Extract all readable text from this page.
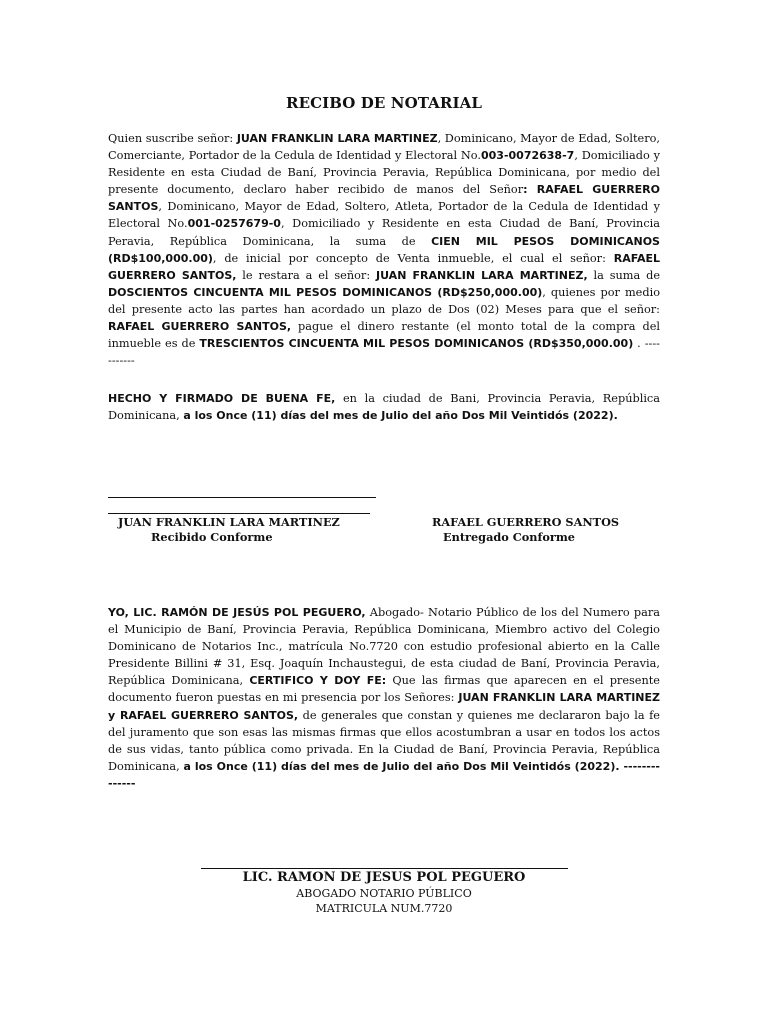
RECIBO DE NOTARIAL

Quien suscribe señor: JUAN FRANKLIN LARA MARTINEZ, Dominicano, Mayor de Edad, Soltero, Comerciante, Portador de la Cedula de Identidad y Electoral No.003-0072638-7, Domiciliado y Residente en esta Ciudad de Baní, Provincia Peravia, República Dominicana, por medio del presente documento, declaro haber recibido de manos del Señor: RAFAEL GUERRERO SANTOS, Dominicano, Mayor de Edad, Soltero, Atleta, Portador de la Cedula de Identidad y Electoral No.001-0257679-0, Domiciliado y Residente en esta Ciudad de Baní, Provincia Peravia, República Dominicana, la suma de CIEN MIL PESOS DOMINICANOS (RD$100,000.00), de inicial por concepto de Venta inmueble, el cual el señor: RAFAEL GUERRERO SANTOS, le restara a el señor: JUAN FRANKLIN LARA MARTINEZ, la suma de DOSCIENTOS CINCUENTA MIL PESOS DOMINICANOS (RD$250,000.00), quienes por medio del presente acto las partes han acordado un plazo de Dos (02) Meses para que el señor: RAFAEL GUERRERO SANTOS, pague el dinero restante (el monto total de la compra del inmueble es de TRESCIENTOS CINCUENTA MIL PESOS DOMINICANOS (RD$350,000.00) . -----------

HECHO Y FIRMADO DE BUENA FE, en la ciudad de Bani, Provincia Peravia, República Dominicana, a los Once (11) días del mes de Julio del año Dos Mil Veintidós (2022).

JUAN FRANKLIN LARA MARTINEZ
Recibido Conforme
RAFAEL GUERRERO SANTOS
Entregado Conforme

YO, LIC. RAMÓN DE JESÚS POL PEGUERO, Abogado- Notario Público de los del Numero para el Municipio de Baní, Provincia Peravia, República Dominicana, Miembro activo del Colegio Dominicano de Notarios Inc., matrícula No.7720 con estudio profesional abierto en la Calle Presidente Billini # 31, Esq. Joaquín Inchaustegui, de esta ciudad de Baní, Provincia Peravia, República Dominicana, CERTIFICO Y DOY FE: Que las firmas que aparecen en el presente documento fueron puestas en mi presencia por los Señores: JUAN FRANKLIN LARA MARTINEZ y RAFAEL GUERRERO SANTOS, de generales que constan y quienes me declararon bajo la fe del juramento que son esas las mismas firmas que ellos acostumbran a usar en todos los actos de sus vidas, tanto pública como privada. En la Ciudad de Baní, Provincia Peravia, República Dominicana, a los Once (11) días del mes de Julio del año Dos Mil Veintidós (2022). --------------

LIC. RAMON DE JESUS POL PEGUERO
ABOGADO NOTARIO PÚBLICO
MATRICULA NUM.7720
